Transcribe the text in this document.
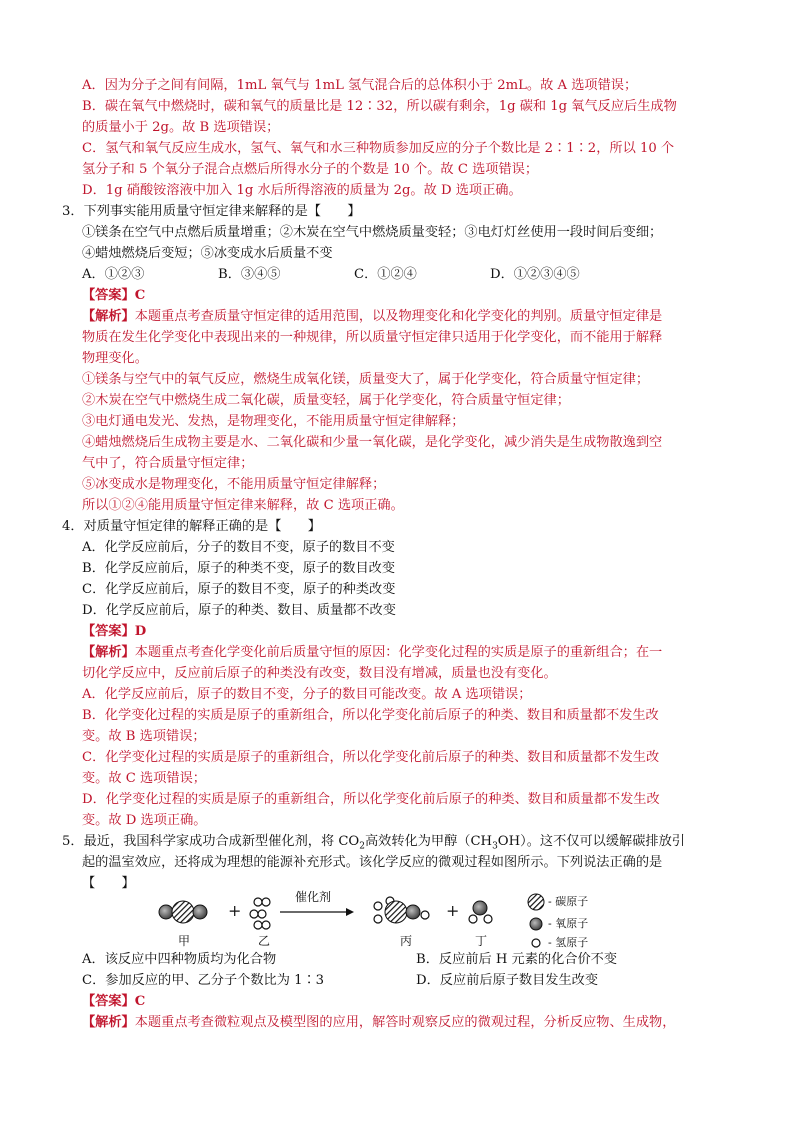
A．因为分子之间有间隔，1mL 氧气与 1mL 氢气混合后的总体积小于 2mL。故 A 选项错误；
B．碳在氧气中燃烧时，碳和氧气的质量比是 12∶32，所以碳有剩余，1g 碳和 1g 氧气反应后生成物
的质量小于 2g。故 B 选项错误；
C．氢气和氧气反应生成水，氢气、氧气和水三种物质参加反应的分子个数比是 2∶1∶2，所以 10 个
氢分子和 5 个氧分子混合点燃后所得水分子的个数是 10 个。故 C 选项错误；
D．1g 硝酸铵溶液中加入 1g 水后所得溶液的质量为 2g。故 D 选项正确。
3．下列事实能用质量守恒定律来解释的是【　　】
①镁条在空气中点燃后质量增重；②木炭在空气中燃烧质量变轻；③电灯灯丝使用一段时间后变细；
④蜡烛燃烧后变短；⑤冰变成水后质量不变
A．①②③	B．③④⑤	C．①②④	D．①②③④⑤
【答案】C
【解析】本题重点考查质量守恒定律的适用范围，以及物理变化和化学变化的判别。质量守恒定律是
物质在发生化学变化中表现出来的一种规律，所以质量守恒定律只适用于化学变化，而不能用于解释
物理变化。
①镁条与空气中的氧气反应，燃烧生成氧化镁，质量变大了，属于化学变化，符合质量守恒定律；
②木炭在空气中燃烧生成二氧化碳，质量变轻，属于化学变化，符合质量守恒定律；
③电灯通电发光、发热，是物理变化，不能用质量守恒定律解释；
④蜡烛燃烧后生成物主要是水、二氧化碳和少量一氧化碳，是化学变化，减少消失是生成物散逸到空
气中了，符合质量守恒定律；
⑤冰变成水是物理变化，不能用质量守恒定律解释；
所以①②④能用质量守恒定律来解释，故 C 选项正确。
4．对质量守恒定律的解释正确的是【　　】
A．化学反应前后，分子的数目不变，原子的数目不变
B．化学反应前后，原子的种类不变，原子的数目改变
C．化学反应前后，原子的数目不变，原子的种类改变
D．化学反应前后，原子的种类、数目、质量都不改变
【答案】D
【解析】本题重点考查化学变化前后质量守恒的原因：化学变化过程的实质是原子的重新组合；在一
切化学反应中，反应前后原子的种类没有改变，数目没有增减，质量也没有变化。
A．化学反应前后，原子的数目不变，分子的数目可能改变。故 A 选项错误；
B．化学变化过程的实质是原子的重新组合，所以化学变化前后原子的种类、数目和质量都不发生改
变。故 B 选项错误；
C．化学变化过程的实质是原子的重新组合，所以化学变化前后原子的种类、数目和质量都不发生改
变。故 C 选项错误；
D．化学变化过程的实质是原子的重新组合，所以化学变化前后原子的种类、数目和质量都不发生改
变。故 D 选项正确。
5．最近，我国科学家成功合成新型催化剂，将 $CO_2$高效转化为甲醇$(CH_3OH)$。这不仅可以缓解碳排放引
起的温室效应，还将成为理想的能源补充形式。该化学反应的微观过程如图所示。下列说法正确的是
【　　】
催化剂
+	+
甲	乙	丙	丁
- 碳原子
- 氧原子
- 氢原子
A．该反应中四种物质均为化合物	B．反应前后 H 元素的化合价不变
C．参加反应的甲、乙分子个数比为 1∶3	D．反应前后原子数目发生改变
【答案】C
【解析】本题重点考查微粒观点及模型图的应用，解答时观察反应的微观过程，分析反应物、生成物，
